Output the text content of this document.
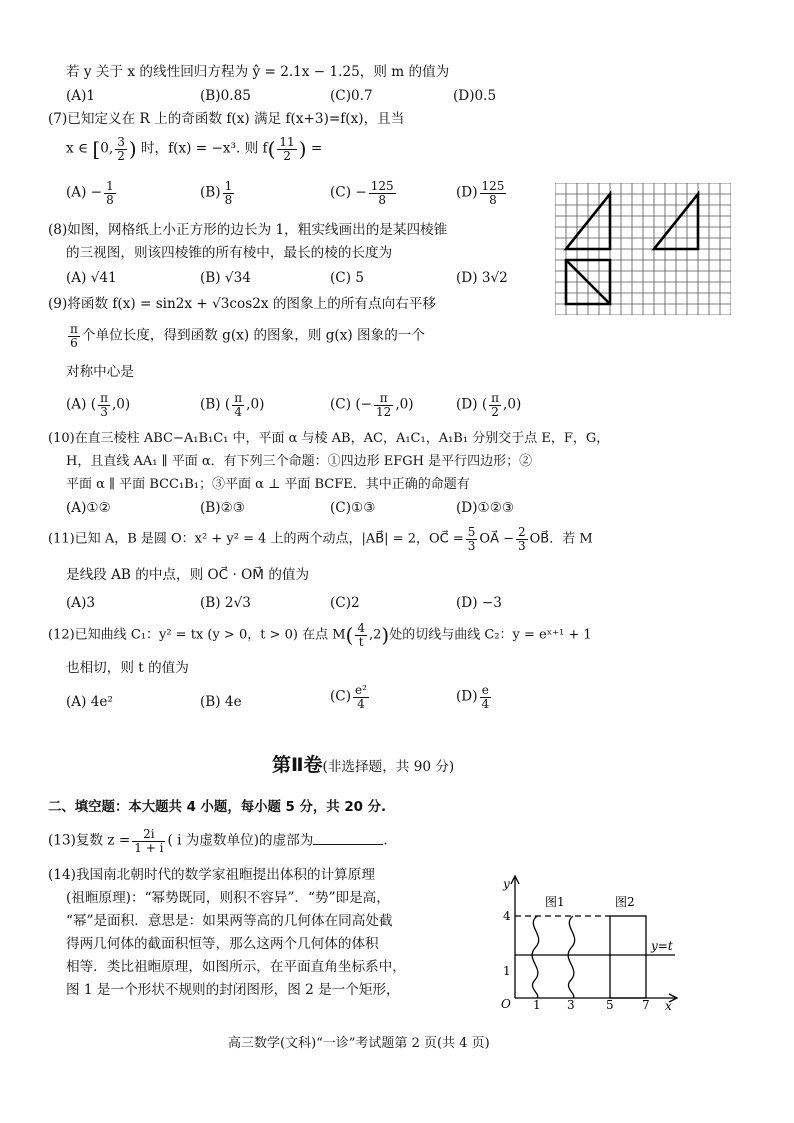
若 y 关于 x 的线性回归方程为 ŷ = 2.1x − 1.25，则 m 的值为
(A)1	(B)0.85	(C)0.7	(D)0.5
(7)已知定义在 R 上的奇函数 f(x) 满足 f(x+3)=f(x)，且当
x ∈ [0, $\frac{3}{2}$ ) 时，f(x) = −x³. 则 $f( \frac{11}{2}$ ) =
$(A) - \frac{1}{8}$	$(B) \frac{1}{8}$	$(C) - \frac{125}{8}$	$(D) \frac{125}{8}$
(8)如图，网格纸上小正方形的边长为 1，粗实线画出的是某四棱锥
的三视图，则该四棱锥的所有棱中，最长的棱的长度为
(A) √41	(B) √34	(C) 5	(D) 3√2
(9)将函数 f(x) = sin2x + √3cos2x 的图象上的所有点向右平移
$\frac{\pi}{6}$ 个单位长度，得到函数 g(x) 的图象，则 g(x) 图象的一个
对称中心是
(A) ( $\frac{\pi}{3} ,0$)	(B) ( $\frac{\pi}{4} ,0$)	(C) (− $\frac{\pi}{12} ,0$)	(D) ( $\frac{\pi}{2} ,0$)
(10)在直三棱柱 ABC−A₁B₁C₁ 中，平面 α 与棱 AB，AC，A₁C₁，A₁B₁ 分别交于点 E，F，G，
H，且直线 AA₁ ∥ 平面 α．有下列三个命题：①四边形 EFGH 是平行四边形；②
平面 α ∥ 平面 BCC₁B₁；③平面 α ⊥ 平面 BCFE．其中正确的命题有
(A)①②	(B)②③	(C)①③	(D)①②③
(11)已知 A，B 是圆 O：x² + y² = 4 上的两个动点，|AB⃗| = 2，OC⃗ = $\frac{5}{3}$ OA⃗ − $\frac{2}{3}$ OB⃗．若 M
是线段 AB 的中点，则 OC⃗ · OM⃗ 的值为
(A)3	(B) 2√3	(C)2	(D) −3
(12)已知曲线 C₁：y² = tx (y > 0，t > 0) 在点 $M( \frac{4}{t} ,2)$处的切线与曲线 C₂：y = eˣ⁺¹ + 1
也相切，则 t 的值为
(A) 4e²	(B) 4e	$(C) \frac{\text{e²}}{4}$	$(D) \frac{e}{4}$
第Ⅱ卷(非选择题，共 90 分)
二、填空题：本大题共 4 小题，每小题 5 分，共 20 分.
(13)复数 $z = \frac{2i}{1 + i}$ ( i 为虚数单位)的虚部为	.
(14)我国南北朝时代的数学家祖暅提出体积的计算原理
(祖暅原理)：“幂势既同，则积不容异”．“势”即是高，
“幂”是面积．意思是：如果两等高的几何体在同高处截
得两几何体的截面积恒等，那么这两个几何体的体积
相等．类比祖暅原理，如图所示，在平面直角坐标系中，
图 1 是一个形状不规则的封闭图形，图 2 是一个矩形，
y
x
O
4
1
1 3	5 7
图1	图2
y=t
高三数学(文科)“一诊”考试题第 2 页(共 4 页)
